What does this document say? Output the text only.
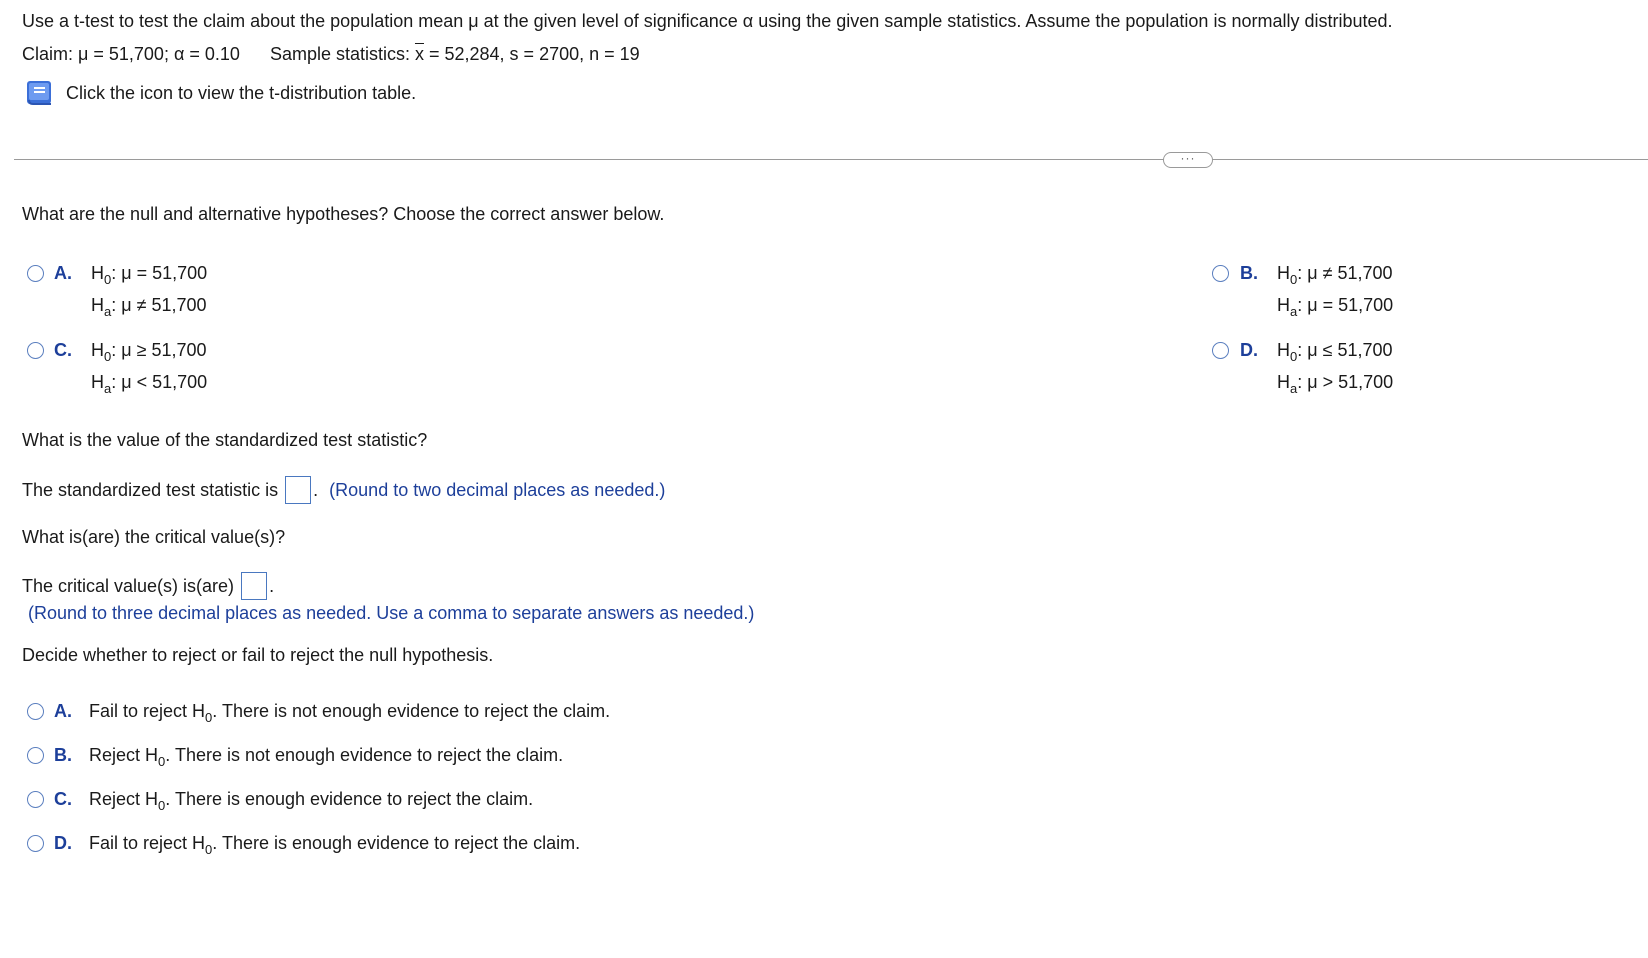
Use a t-test to test the claim about the population mean μ at the given level of significance α using the given sample statistics. Assume the population is normally distributed.
Claim: μ = 51,700; α = 0.10 Sample statistics: $\overline{x} = 52,284$, s = 2700, n = 19
Click the icon to view the t-distribution table.
···
What are the null and alternative hypotheses? Choose the correct answer below.
A. $H_0$: μ = 51,700
$H_a$: μ ≠ 51,700
B. $H_0$: μ ≠ 51,700
$H_a$: μ = 51,700
C. $H_0$: μ ≥ 51,700
$H_a$: μ < 51,700
D. $H_0$: μ ≤ 51,700
$H_a$: μ > 51,700
What is the value of the standardized test statistic?
The standardized test statistic is . (Round to two decimal places as needed.)
What is(are) the critical value(s)?
The critical value(s) is(are) .
(Round to three decimal places as needed. Use a comma to separate answers as needed.)
Decide whether to reject or fail to reject the null hypothesis.
A. Fail to reject $H_0$. There is not enough evidence to reject the claim.
B. Reject $H_0$. There is not enough evidence to reject the claim.
C. Reject $H_0$. There is enough evidence to reject the claim.
D. Fail to reject $H_0$. There is enough evidence to reject the claim.
